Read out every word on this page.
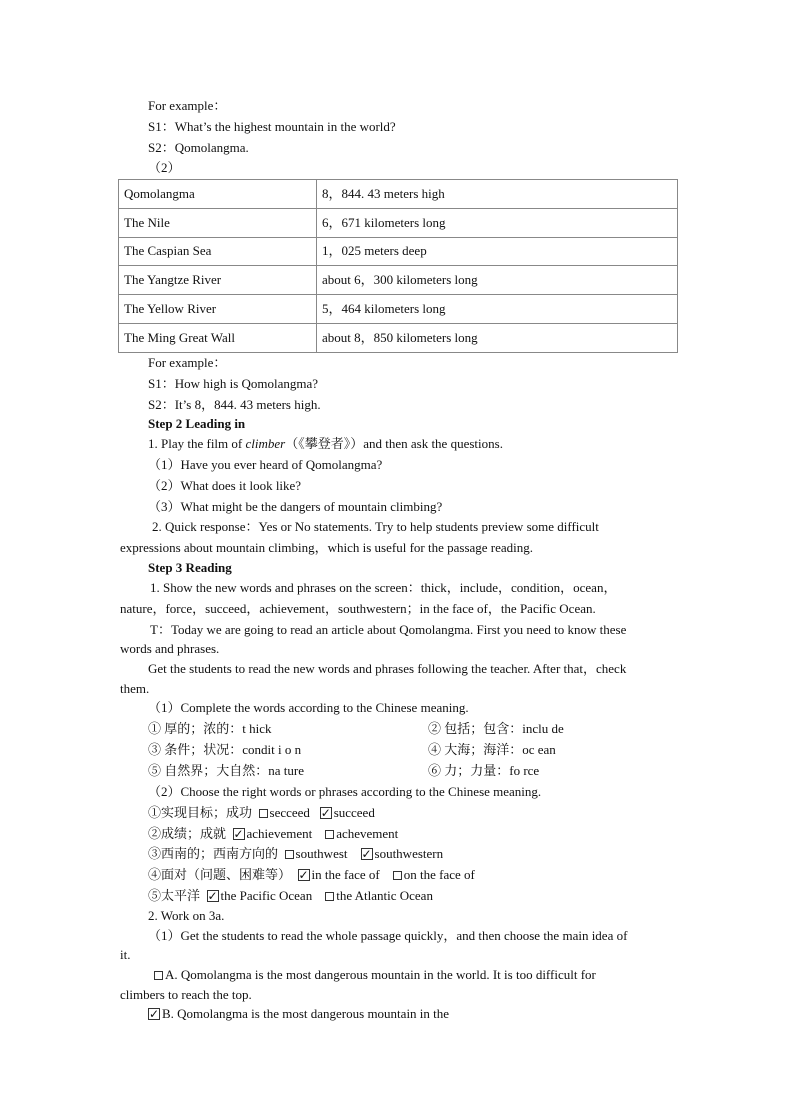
For example：
S1：What’s the highest mountain in the world?
S2：Qomolangma.
（2）
Qomolangma	8，844. 43 meters high
The Nile	6，671 kilometers long
The Caspian Sea	1，025 meters deep
The Yangtze River	about 6，300 kilometers long
The Yellow River	5，464 kilometers long
The Ming Great Wall	about 8，850 kilometers long
For example：
S1：How high is Qomolangma?
S2：It’s 8，844. 43 meters high.
Step 2 Leading in
1. Play the film of climber（《攀登者》）and then ask the questions.
（1）Have you ever heard of Qomolangma?
（2）What does it look like?
（3）What might be the dangers of mountain climbing?
2. Quick response：Yes or No statements. Try to help students preview some difficult
expressions about mountain climbing，which is useful for the passage reading.
Step 3 Reading
1. Show the new words and phrases on the screen：thick，include，condition，ocean，
nature，force，succeed，achievement，southwestern；in the face of，the Pacific Ocean.
T：Today we are going to read an article about Qomolangma. First you need to know these
words and phrases.
Get the students to read the new words and phrases following the teacher. After that，check
them.
（1）Complete the words according to the Chinese meaning.
① 厚的；浓的：t hick	② 包括；包含：inclu de
③ 条件；状况：condit i o n	④ 大海；海洋：oc ean
⑤ 自然界；大自然：na ture	⑥ 力；力量：fo rce
（2）Choose the right words or phrases according to the Chinese meaning.
①实现目标；成功 secceed ✓ succeed
②成绩；成就 ✓ achievement achevement
③西南的；西南方向的 southwest ✓ southwestern
④面对（问题、困难等） ✓ in the face of on the face of
⑤太平洋 ✓ the Pacific Ocean the Atlantic Ocean
2. Work on 3a.
（1）Get the students to read the whole passage quickly，and then choose the main idea of
it.
A. Qomolangma is the most dangerous mountain in the world. It is too difficult for
climbers to reach the top.
✓B. Qomolangma is the most dangerous mountain in the
